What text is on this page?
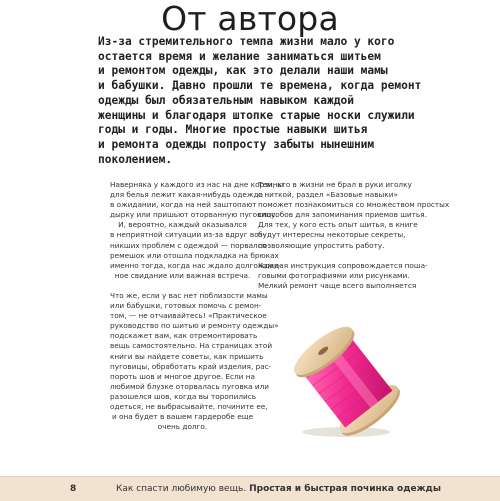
От автора
Из-за стремительного темпа жизни мало у кого
остается время и желание заниматься шитьем
и ремонтом одежды, как это делали наши мамы
и бабушки. Давно прошли те времена, когда ремонт
одежды был обязательным навыком каждой
женщины и благодаря штопке старые носки служили
годы и годы. Многие простые навыки шитья
и ремонта одежды попросту забыты нынешним
поколением.
Наверняка у каждого из нас на дне корзины
для белья лежит какая-нибудь одежда
в ожидании, когда на ней заштопают
дырку или пришьют оторванную пуговицу.
И, вероятно, каждый оказывался
в неприятной ситуации из-за вдруг воз-
никших проблем с одеждой — порвался
ремешок или отошла подкладка на брюках
именно тогда, когда нас ждало долгождан-
ное свидание или важная встреча.
Что же, если у вас нет поблизости мамы
или бабушки, готовых помочь с ремон-
том, — не отчаивайтесь! «Практическое
руководство по шитью и ремонту одежды»
подскажет вам, как отремонтировать
вещь самостоятельно. На страницах этой
книги вы найдете советы, как пришить
пуговицы, обработать край изделия, рас-
пороть шов и многое другое. Если на
любимой блузке оторвалась пуговка или
разошелся шов, когда вы торопились
одеться, не выбрасывайте, почините ее,
и она будет в вашем гардеробе еще
очень долго.
Тем, кто в жизни не брал в руки иголку
с ниткой, раздел «Базовые навыки»
поможет познакомиться со множеством простых
способов для запоминания приемов шитья.
Для тех, у кого есть опыт шитья, в книге
будут интересны некоторые секреты,
позволяющие упростить работу.
Каждая инструкция сопровождается поша-
говыми фотографиями или рисунками.
Мелкий ремонт чаще всего выполняется
8	Как спасти любимую вещь. Простая и быстрая починка одежды
